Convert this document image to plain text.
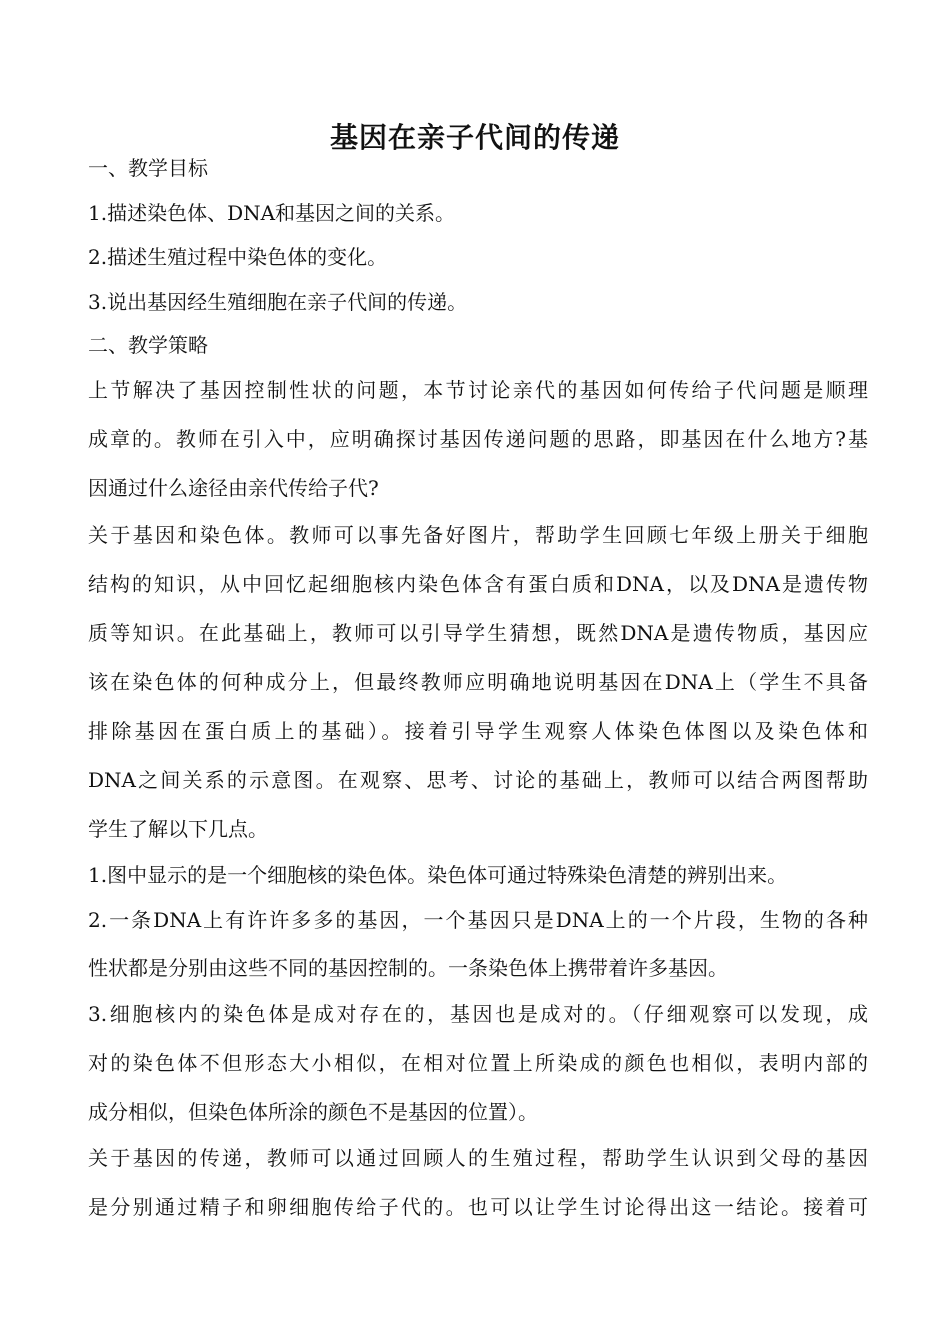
基因在亲子代间的传递
一、教学目标
1.描述染色体、DNA和基因之间的关系。
2.描述生殖过程中染色体的变化。
3.说出基因经生殖细胞在亲子代间的传递。
二、教学策略
上节解决了基因控制性状的问题，本节讨论亲代的基因如何传给子代问题是顺理
成章的。教师在引入中，应明确探讨基因传递问题的思路，即基因在什么地方?基
因通过什么途径由亲代传给子代?
关于基因和染色体。教师可以事先备好图片，帮助学生回顾七年级上册关于细胞
结构的知识，从中回忆起细胞核内染色体含有蛋白质和DNA，以及DNA是遗传物
质等知识。在此基础上，教师可以引导学生猜想，既然DNA是遗传物质，基因应
该在染色体的何种成分上，但最终教师应明确地说明基因在DNA上（学生不具备
排除基因在蛋白质上的基础）。接着引导学生观察人体染色体图以及染色体和
DNA之间关系的示意图。在观察、思考、讨论的基础上，教师可以结合两图帮助
学生了解以下几点。
1.图中显示的是一个细胞核的染色体。染色体可通过特殊染色清楚的辨别出来。
2.一条DNA上有许许多多的基因，一个基因只是DNA上的一个片段，生物的各种
性状都是分别由这些不同的基因控制的。一条染色体上携带着许多基因。
3.细胞核内的染色体是成对存在的，基因也是成对的。（仔细观察可以发现，成
对的染色体不但形态大小相似，在相对位置上所染成的颜色也相似，表明内部的
成分相似，但染色体所涂的颜色不是基因的位置）。
关于基因的传递，教师可以通过回顾人的生殖过程，帮助学生认识到父母的基因
是分别通过精子和卵细胞传给子代的。也可以让学生讨论得出这一结论。接着可
